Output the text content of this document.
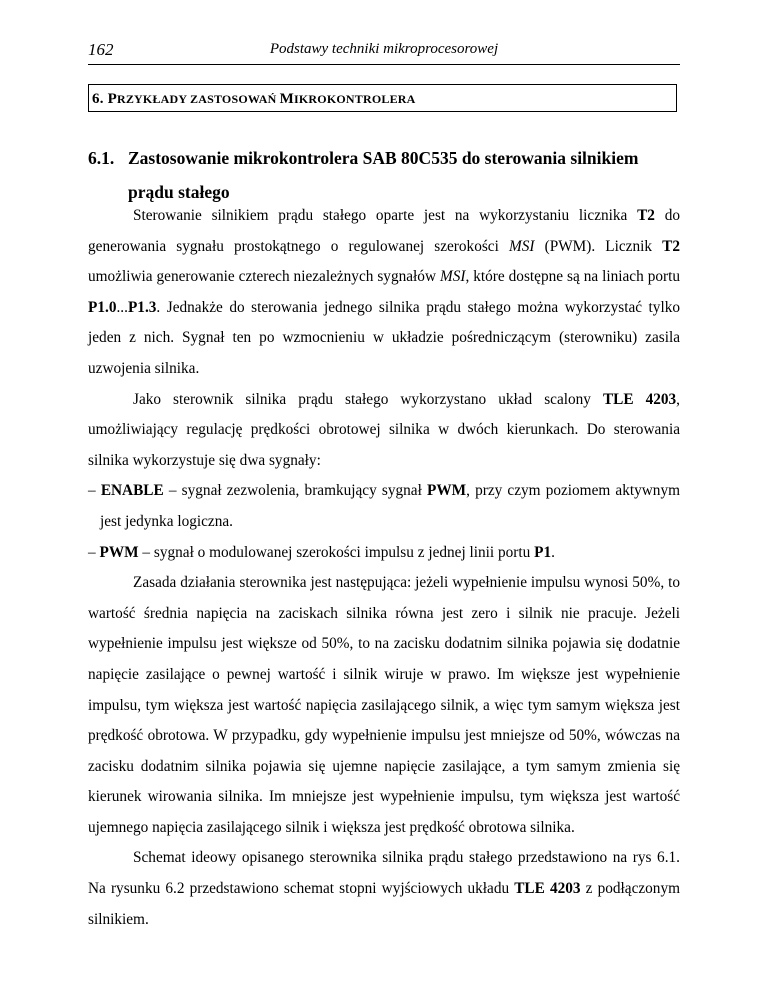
162	Podstawy techniki mikroprocesorowej
6. PRZYKŁADY ZASTOSOWAŃ MIKROKONTROLERA
6.1. Zastosowanie mikrokontrolera SAB 80C535 do sterowania silnikiem
prądu stałego

Sterowanie silnikiem prądu stałego oparte jest na wykorzystaniu licznika T2 do generowania sygnału prostokątnego o regulowanej szerokości MSI (PWM). Licznik T2 umożliwia generowanie czterech niezależnych sygnałów MSI, które dostępne są na liniach portu P1.0...P1.3. Jednakże do sterowania jednego silnika prądu stałego można wykorzystać tylko jeden z nich. Sygnał ten po wzmocnieniu w układzie pośredniczącym (sterowniku) zasila uzwojenia silnika.

Jako sterownik silnika prądu stałego wykorzystano układ scalony TLE 4203, umożliwiający regulację prędkości obrotowej silnika w dwóch kierunkach. Do sterowania silnika wykorzystuje się dwa sygnały:

– ENABLE – sygnał zezwolenia, bramkujący sygnał PWM, przy czym poziomem aktywnym jest jedynka logiczna.
– PWM – sygnał o modulowanej szerokości impulsu z jednej linii portu P1.

Zasada działania sterownika jest następująca: jeżeli wypełnienie impulsu wynosi 50%, to wartość średnia napięcia na zaciskach silnika równa jest zero i silnik nie pracuje. Jeżeli wypełnienie impulsu jest większe od 50%, to na zacisku dodatnim silnika pojawia się dodatnie napięcie zasilające o pewnej wartość i silnik wiruje w prawo. Im większe jest wypełnienie impulsu, tym większa jest wartość napięcia zasilającego silnik, a więc tym samym większa jest prędkość obrotowa. W przypadku, gdy wypełnienie impulsu jest mniejsze od 50%, wówczas na zacisku dodatnim silnika pojawia się ujemne napięcie zasilające, a tym samym zmienia się kierunek wirowania silnika. Im mniejsze jest wypełnienie impulsu, tym większa jest wartość ujemnego napięcia zasilającego silnik i większa jest prędkość obrotowa silnika.

Schemat ideowy opisanego sterownika silnika prądu stałego przedstawiono na rys 6.1. Na rysunku 6.2 przedstawiono schemat stopni wyjściowych układu TLE 4203 z podłączonym silnikiem.
